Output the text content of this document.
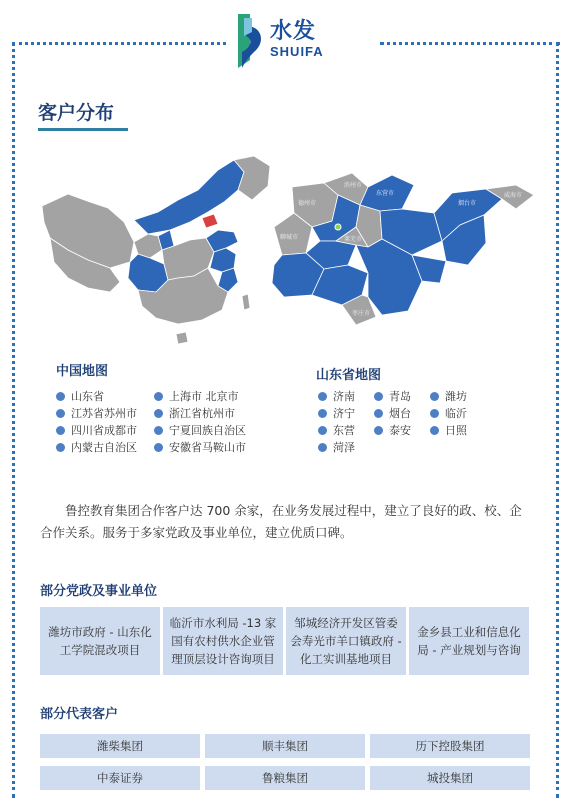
水发
SHUIFA
客户分布
滨州市
德州市
东营市
烟台市
威海市
聊城市	莱芜市
枣庄市
中国地图
山东省
江苏省苏州市
四川省成都市
内蒙古自治区
上海市 北京市
浙江省杭州市
宁夏回族自治区
安徽省马鞍山市
山东省地图
济南
济宁
东营
菏泽
青岛
烟台
泰安
潍坊
临沂
日照

鲁控教育集团合作客户达 700 余家，在业务发展过程中，建立了良好的政、校、企合作关系。服务于多家党政及事业单位，建立优质口碑。

部分党政及事业单位
潍坊市政府 - 山东化工学院混改项目
临沂市水利局 -13 家国有农村供水企业管理顶层设计咨询项目
邹城经济开发区管委会寿光市羊口镇政府 - 化工实训基地项目
金乡县工业和信息化局 - 产业规划与咨询
部分代表客户
潍柴集团	顺丰集团	历下控股集团
中泰证券	鲁粮集团	城投集团
